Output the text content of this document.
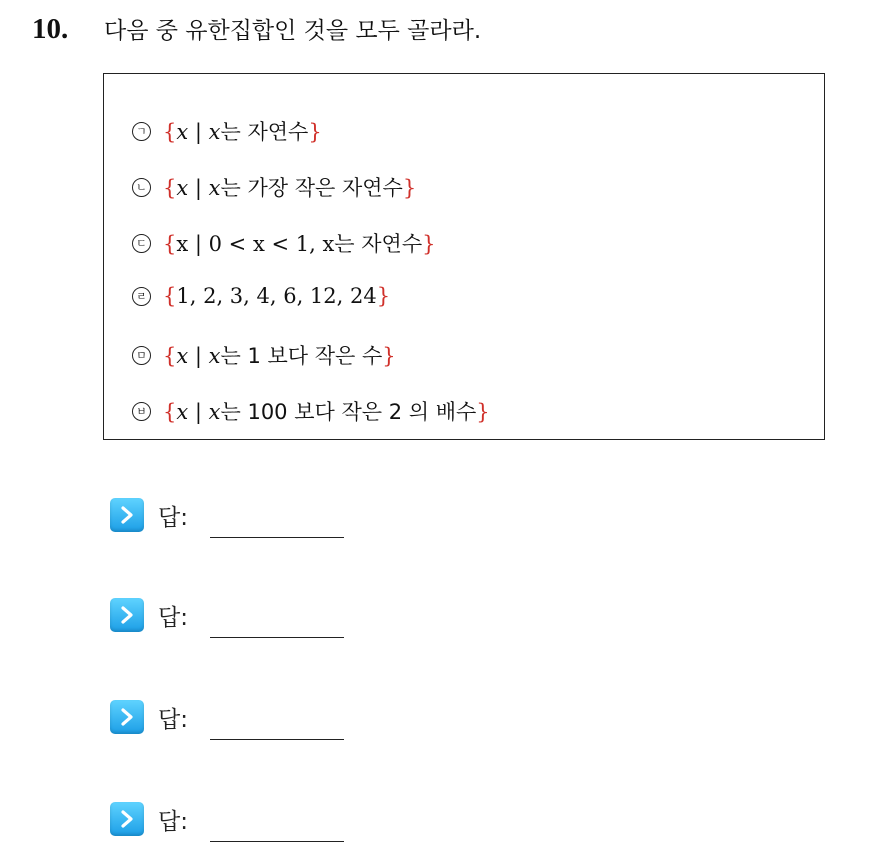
10.	다음 중 유한집합인 것을 모두 골라라.
ㄱ {x | x는 자연수}
ㄴ {x | x는 가장 작은 자연수}
ㄷ {x | 0 < x < 1, x는 자연수}
ㄹ {1, 2, 3, 4, 6, 12, 24}
ㅁ {x | x는 1 보다 작은 수}
ㅂ {x | x는 100 보다 작은 2 의 배수}
답:
답:
답:
답:
